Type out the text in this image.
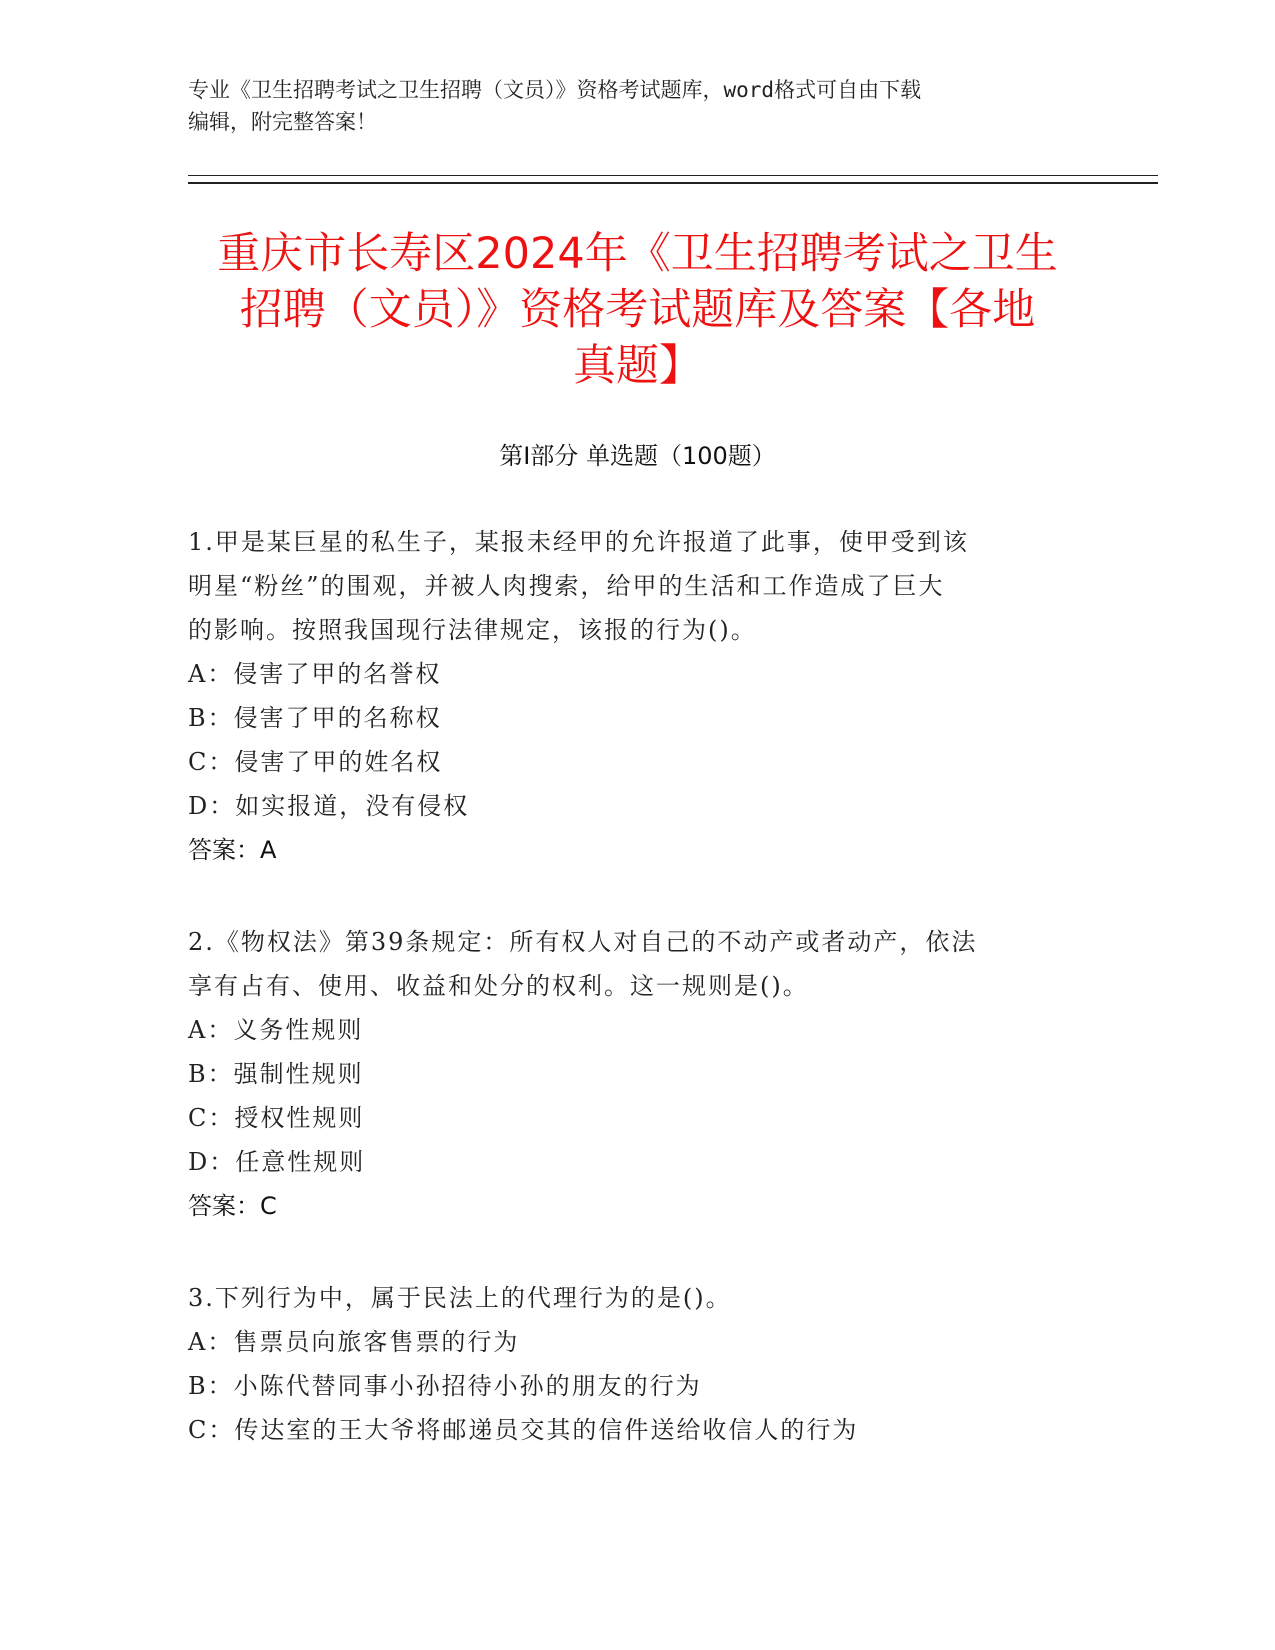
专业《卫生招聘考试之卫生招聘（文员）》资格考试题库，word格式可自由下载
编辑，附完整答案！
重庆市长寿区2024年《卫生招聘考试之卫生
招聘（文员）》资格考试题库及答案【各地
真题】
第Ⅰ部分 单选题（100题）
1.甲是某巨星的私生子，某报未经甲的允许报道了此事，使甲受到该
明星“粉丝”的围观，并被人肉搜索，给甲的生活和工作造成了巨大
的影响。按照我国现行法律规定，该报的行为()。
A：侵害了甲的名誉权
B：侵害了甲的名称权
C：侵害了甲的姓名权
D：如实报道，没有侵权
答案：A
2.《物权法》第39条规定：所有权人对自己的不动产或者动产，依法
享有占有、使用、收益和处分的权利。这一规则是()。
A：义务性规则
B：强制性规则
C：授权性规则
D：任意性规则
答案：C
3.下列行为中，属于民法上的代理行为的是()。
A：售票员向旅客售票的行为
B：小陈代替同事小孙招待小孙的朋友的行为
C：传达室的王大爷将邮递员交其的信件送给收信人的行为
